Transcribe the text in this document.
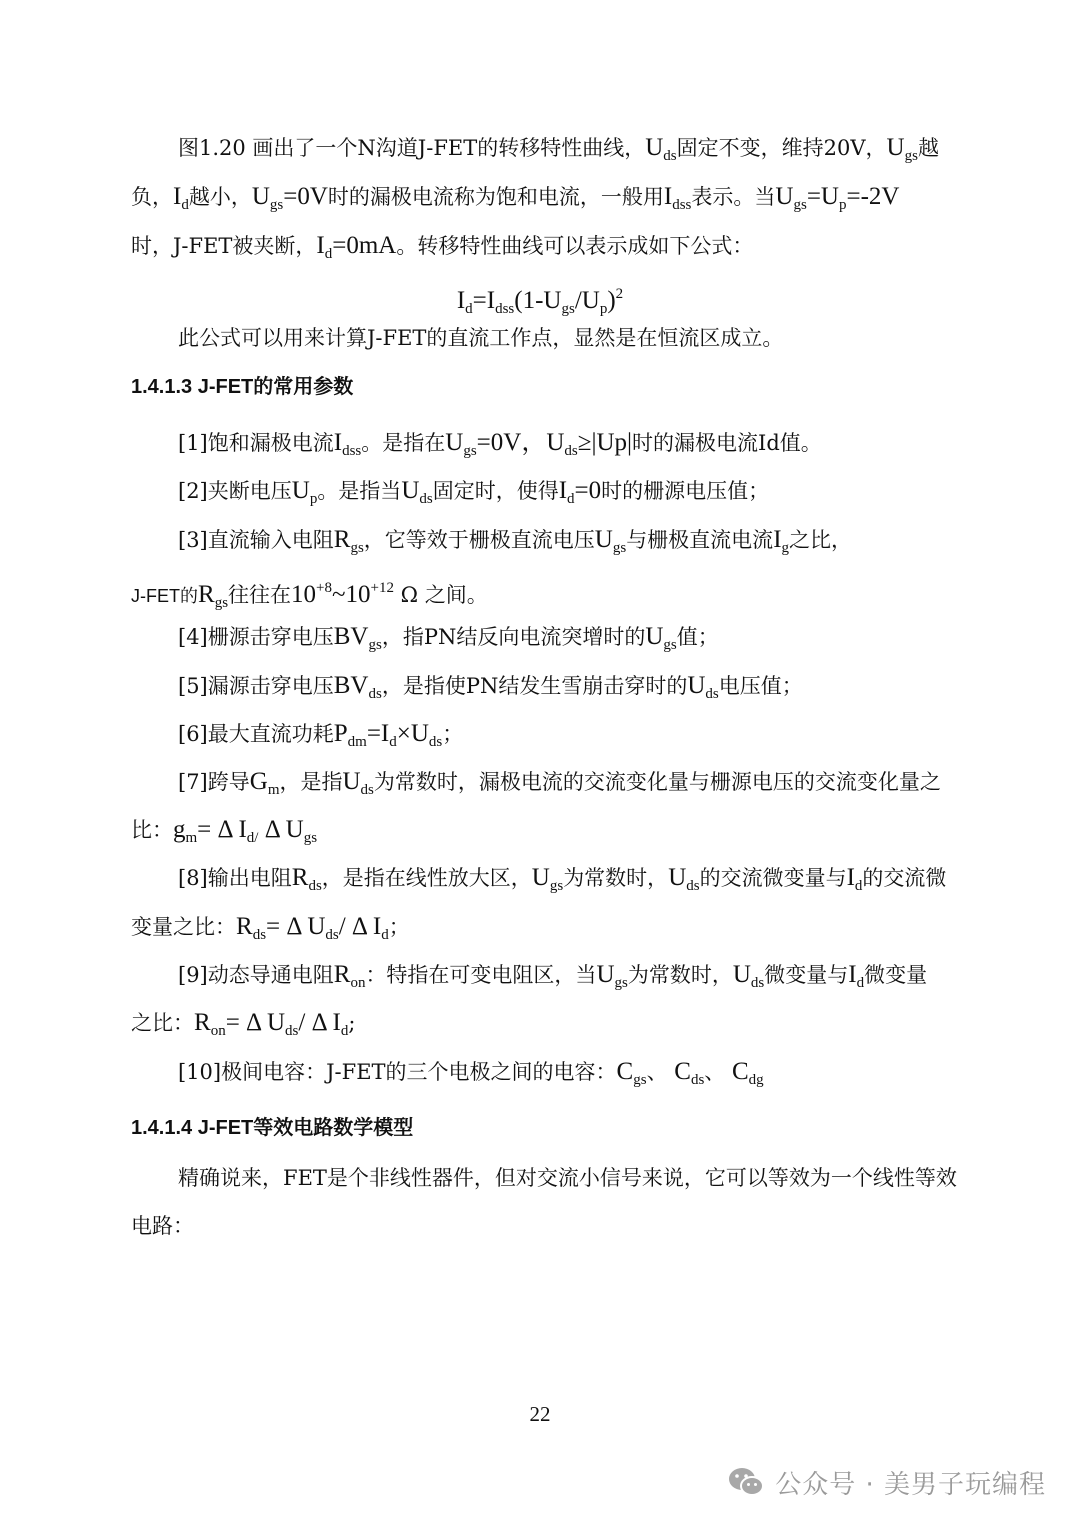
图1.20 画出了一个N沟道J-FET的转移特性曲线，$U_{ds}$固定不变，维持20V，$U_{gs}$越
负，$I_d$越小，$U_{gs}=0V$时的漏极电流称为饱和电流，一般用$I_{dss}$表示。当$U_{gs}=U_p=-2V$
时，J-FET被夹断，$I_d=0mA$。转移特性曲线可以表示成如下公式：
$I_d=I_{dss}(1-U_{gs}/U_p)^2$
此公式可以用来计算J-FET的直流工作点，显然是在恒流区成立。
1.4.1.3 J-FET的常用参数
[1]饱和漏极电流$I_{dss}$。是指在$U_{gs}=0V$，$U_{ds}\ge|Up|$时的漏极电流Id值。
[2]夹断电压$U_p$。是指当$U_{ds}$固定时，使得$I_d=0$时的栅源电压值；
[3]直流输入电阻$R_{gs}$，它等效于栅极直流电压$U_{gs}$与栅极直流电流$I_g$之比，
J-FET的$R_{gs}$往往在$10^{+8}\sim 10^{+12}$ Ω 之间。
[4]栅源击穿电压$BV_{gs}$，指PN结反向电流突增时的$U_{gs}$值；
[5]漏源击穿电压$BV_{ds}$，是指使PN结发生雪崩击穿时的$U_{ds}$电压值；
[6]最大直流功耗$P_{dm}=I_d\times U_{ds}$；
[7]跨导$G_m$，是指$U_{ds}$为常数时，漏极电流的交流变化量与栅源电压的交流变化量之
比：$g_m= \Delta$ $I_{d/}$ Δ $U_{gs}$
[8]输出电阻$R_{ds}$，是指在线性放大区，$U_{gs}$为常数时，$U_{ds}$的交流微变量与$I_d$的交流微
变量之比：$R_{ds}= \Delta$ $U_{ds}/$ Δ $I_d$；
[9]动态导通电阻$R_{on}$：特指在可变电阻区，当$U_{gs}$为常数时，$U_{ds}$微变量与$I_d$微变量
之比：$R_{on}= \Delta$ $U_{ds}/$ Δ $I_d$;
[10]极间电容：J-FET的三个电极之间的电容：$C_{gs}$、 $C_{ds}$、 $C_{dg}$
1.4.1.4 J-FET等效电路数学模型
精确说来，FET是个非线性器件，但对交流小信号来说，它可以等效为一个线性等效
电路：
22
公众号 · 美男子玩编程
